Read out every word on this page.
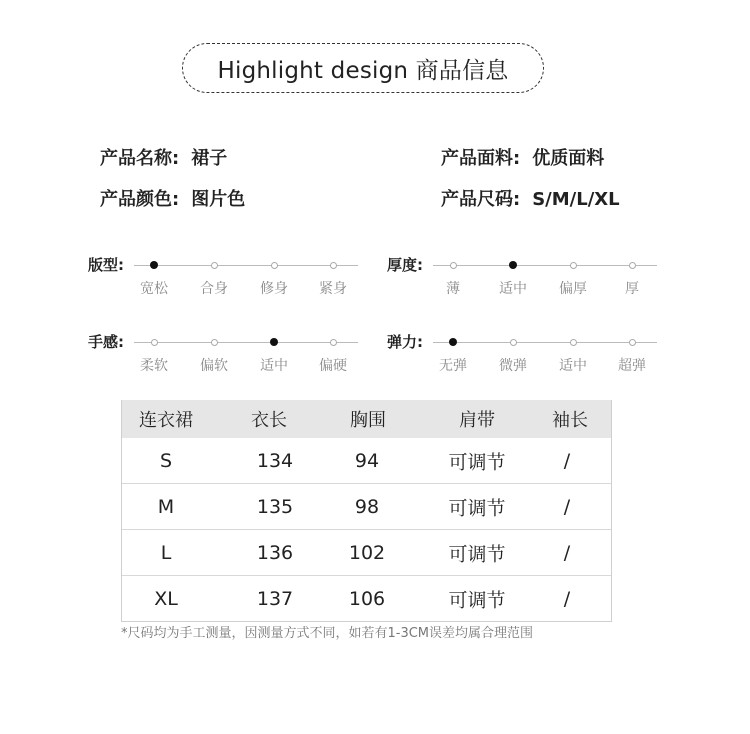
Highlight design 商品信息
产品名称: 裙子	产品面料: 优质面料
产品颜色: 图片色	产品尺码: S/M/L/XL
版型:
宽松 合身 修身 紧身
厚度:
薄	适中 偏厚	厚
手感:
柔软 偏软 适中 偏硬
弹力:
无弹 微弹 适中 超弹
连衣裙	衣长	胸围	肩带	袖长
S	134	94	可调节	/
M	135	98	可调节	/
L	136	102	可调节	/
XL	137	106	可调节	/
*尺码均为手工测量，因测量方式不同，如若有1-3CM误差均属合理范围
